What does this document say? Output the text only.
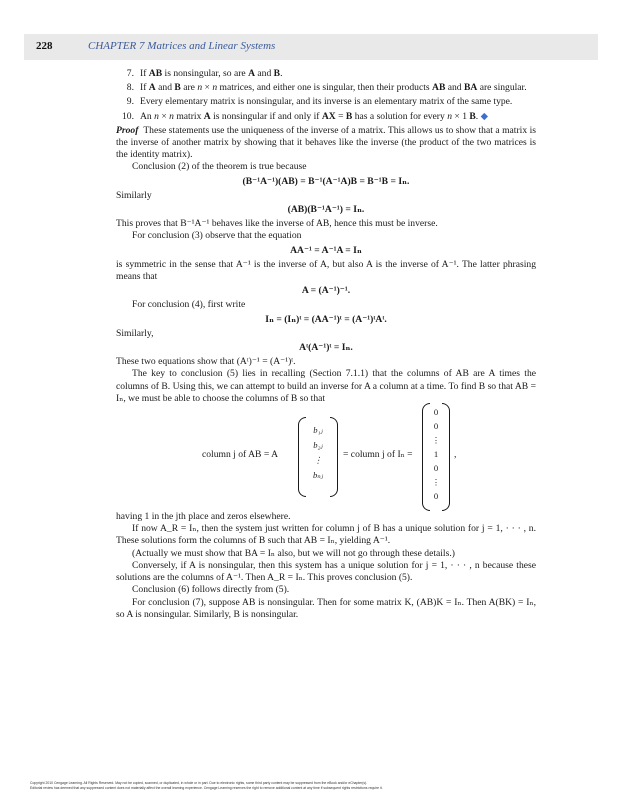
228	CHAPTER 7 Matrices and Linear Systems
7. If AB is nonsingular, so are A and B.
8. If A and B are n × n matrices, and either one is singular, then their products AB and BA are singular.
9. Every elementary matrix is nonsingular, and its inverse is an elementary matrix of the same type.
10. An n × n matrix A is nonsingular if and only if AX = B has a solution for every n × 1 B. ◆

Proof These statements use the uniqueness of the inverse of a matrix. This allows us to show that a matrix is the inverse of another matrix by showing that it behaves like the inverse (the product of the two matrices is the identity matrix).

Conclusion (2) of the theorem is true because

(B⁻¹A⁻¹)(AB) = B⁻¹(A⁻¹A)B = B⁻¹B = Iₙ.

Similarly

(AB)(B⁻¹A⁻¹) = Iₙ.

This proves that B⁻¹A⁻¹ behaves like the inverse of AB, hence this must be inverse.

For conclusion (3) observe that the equation

AA⁻¹ = A⁻¹A = Iₙ

is symmetric in the sense that A⁻¹ is the inverse of A, but also A is the inverse of A⁻¹. The latter phrasing means that

A = (A⁻¹)⁻¹.

For conclusion (4), first write

Iₙ = (Iₙ)ᵗ = (AA⁻¹)ᵗ = (A⁻¹)ᵗAᵗ.

Similarly,

Aᵗ(A⁻¹)ᵗ = Iₙ.

These two equations show that (Aᵗ)⁻¹ = (A⁻¹)ᵗ.

The key to conclusion (5) lies in recalling (Section 7.1.1) that the columns of AB are A times the columns of B. Using this, we can attempt to build an inverse for A a column at a time. To find B so that AB = Iₙ, we must be able to choose the columns of B so that

column j of AB = A
b₁ⱼ
b₂ⱼ
⋮
bₙⱼ
= column j of Iₙ =
0
0
⋮
1
0
⋮
0
,

having 1 in the jth place and zeros elsewhere.

If now A_R = Iₙ, then the system just written for column j of B has a unique solution for j = 1, · · · , n. These solutions form the columns of B such that AB = Iₙ, yielding A⁻¹.

(Actually we must show that BA = Iₙ also, but we will not go through these details.)

Conversely, if A is nonsingular, then this system has a unique solution for j = 1, · · · , n because these solutions are the columns of A⁻¹. Then A_R = Iₙ. This proves conclusion (5).

Conclusion (6) follows directly from (5).

For conclusion (7), suppose AB is nonsingular. Then for some matrix K, (AB)K = Iₙ. Then A(BK) = Iₙ, so A is nonsingular. Similarly, B is nonsingular.

Copyright 2010 Cengage Learning. All Rights Reserved. May not be copied, scanned, or duplicated, in whole or in part. Due to electronic rights, some third party content may be suppressed from the eBook and/or eChapter(s).
Editorial review has deemed that any suppressed content does not materially affect the overall learning experience. Cengage Learning reserves the right to remove additional content at any time if subsequent rights restrictions require it.
